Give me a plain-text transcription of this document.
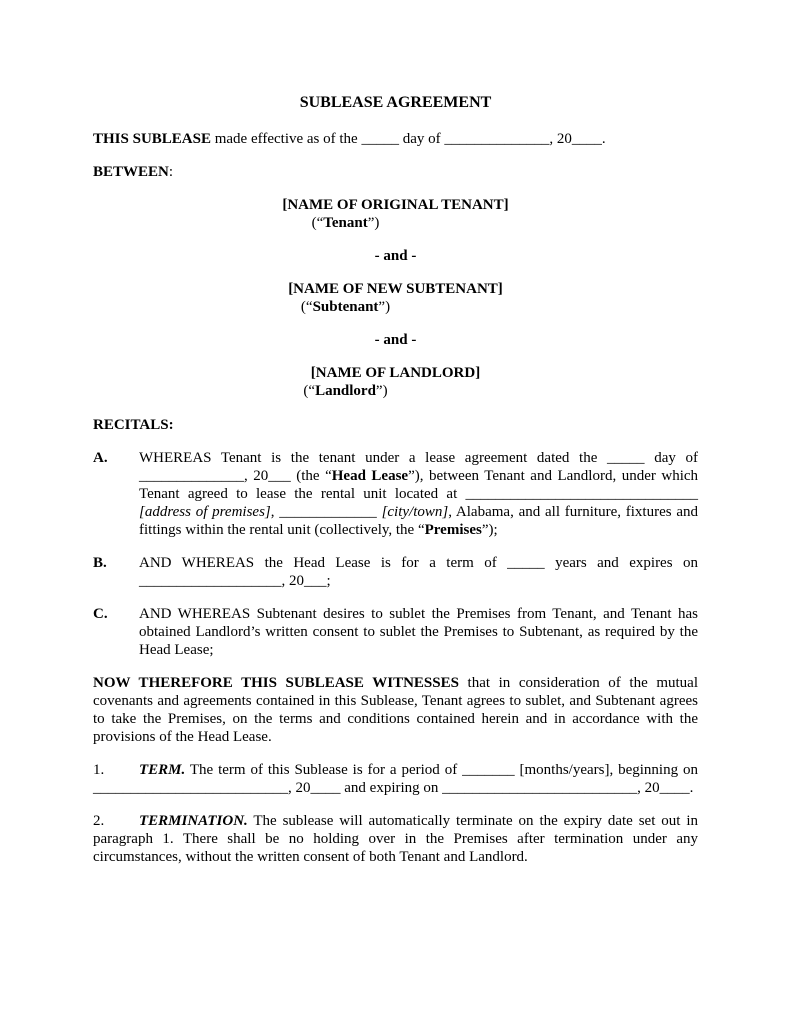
SUBLEASE AGREEMENT

THIS SUBLEASE made effective as of the _____ day of ______________, 20____.

BETWEEN:

[NAME OF ORIGINAL TENANT]
(“Tenant”)
- and -
[NAME OF NEW SUBTENANT]
(“Subtenant”)
- and -
[NAME OF LANDLORD]
(“Landlord”)

RECITALS:

A.	WHEREAS Tenant is the tenant under a lease agreement dated the _____ day of ______________, 20___ (the “Head Lease”), between Tenant and Landlord, under which Tenant agreed to lease the rental unit located at _______________________________ [address of premises], _____________ [city/town], Alabama, and all furniture, fixtures and fittings within the rental unit (collectively, the “Premises”);
B.	AND WHEREAS the Head Lease is for a term of _____ years and expires on ___________________, 20___;
C.	AND WHEREAS Subtenant desires to sublet the Premises from Tenant, and Tenant has obtained Landlord’s written consent to sublet the Premises to Subtenant, as required by the Head Lease;

NOW THEREFORE THIS SUBLEASE WITNESSES that in consideration of the mutual covenants and agreements contained in this Sublease, Tenant agrees to sublet, and Subtenant agrees to take the Premises, on the terms and conditions contained herein and in accordance with the provisions of the Head Lease.

1. TERM. The term of this Sublease is for a period of _______ [months/years], beginning on __________________________, 20____ and expiring on __________________________, 20____.

2. TERMINATION. The sublease will automatically terminate on the expiry date set out in paragraph 1. There shall be no holding over in the Premises after termination under any circumstances, without the written consent of both Tenant and Landlord.
